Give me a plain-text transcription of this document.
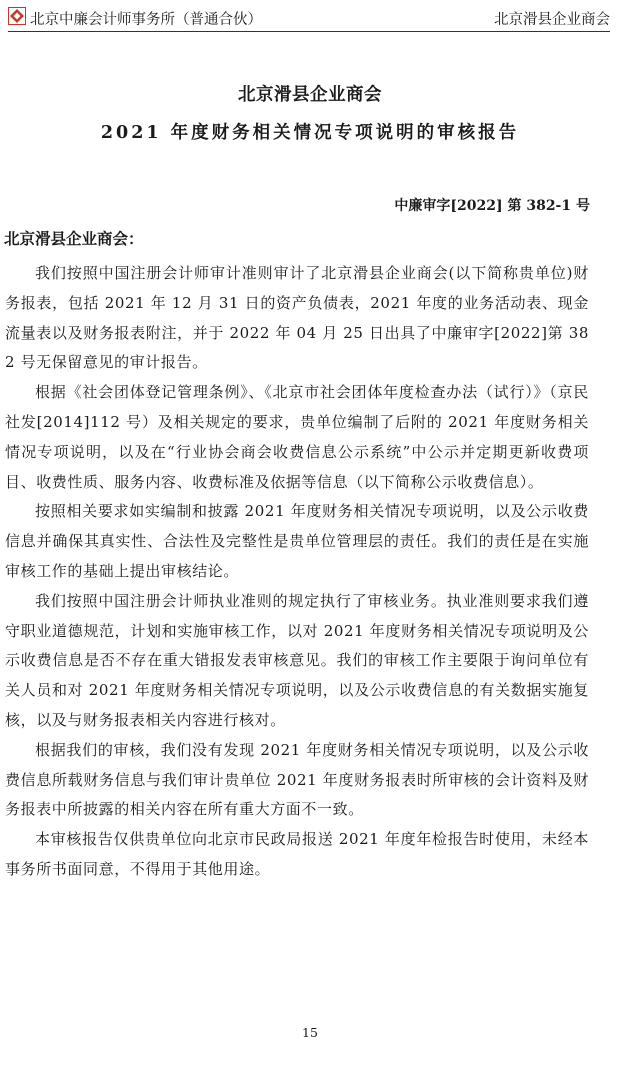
北京中廉会计师事务所（普通合伙）	北京滑县企业商会
北京滑县企业商会
2021 年度财务相关情况专项说明的审核报告
中廉审字[2022] 第 382-1 号
北京滑县企业商会：

我们按照中国注册会计师审计准则审计了北京滑县企业商会(以下简称贵单位)财务报表，包括 2021 年 12 月 31 日的资产负债表，2021 年度的业务活动表、现金流量表以及财务报表附注，并于 2022 年 04 月 25 日出具了中廉审字[2022]第 382 号无保留意见的审计报告。

根据《社会团体登记管理条例》、《北京市社会团体年度检查办法（试行）》（京民社发[2014]112 号）及相关规定的要求，贵单位编制了后附的 2021 年度财务相关情况专项说明，以及在“行业协会商会收费信息公示系统”中公示并定期更新收费项目、收费性质、服务内容、收费标准及依据等信息（以下简称公示收费信息）。

按照相关要求如实编制和披露 2021 年度财务相关情况专项说明，以及公示收费信息并确保其真实性、合法性及完整性是贵单位管理层的责任。我们的责任是在实施审核工作的基础上提出审核结论。

我们按照中国注册会计师执业准则的规定执行了审核业务。执业准则要求我们遵守职业道德规范，计划和实施审核工作，以对 2021 年度财务相关情况专项说明及公示收费信息是否不存在重大错报发表审核意见。我们的审核工作主要限于询问单位有关人员和对 2021 年度财务相关情况专项说明，以及公示收费信息的有关数据实施复核，以及与财务报表相关内容进行核对。

根据我们的审核，我们没有发现 2021 年度财务相关情况专项说明，以及公示收费信息所载财务信息与我们审计贵单位 2021 年度财务报表时所审核的会计资料及财务报表中所披露的相关内容在所有重大方面不一致。

本审核报告仅供贵单位向北京市民政局报送 2021 年度年检报告时使用，未经本事务所书面同意，不得用于其他用途。

15
